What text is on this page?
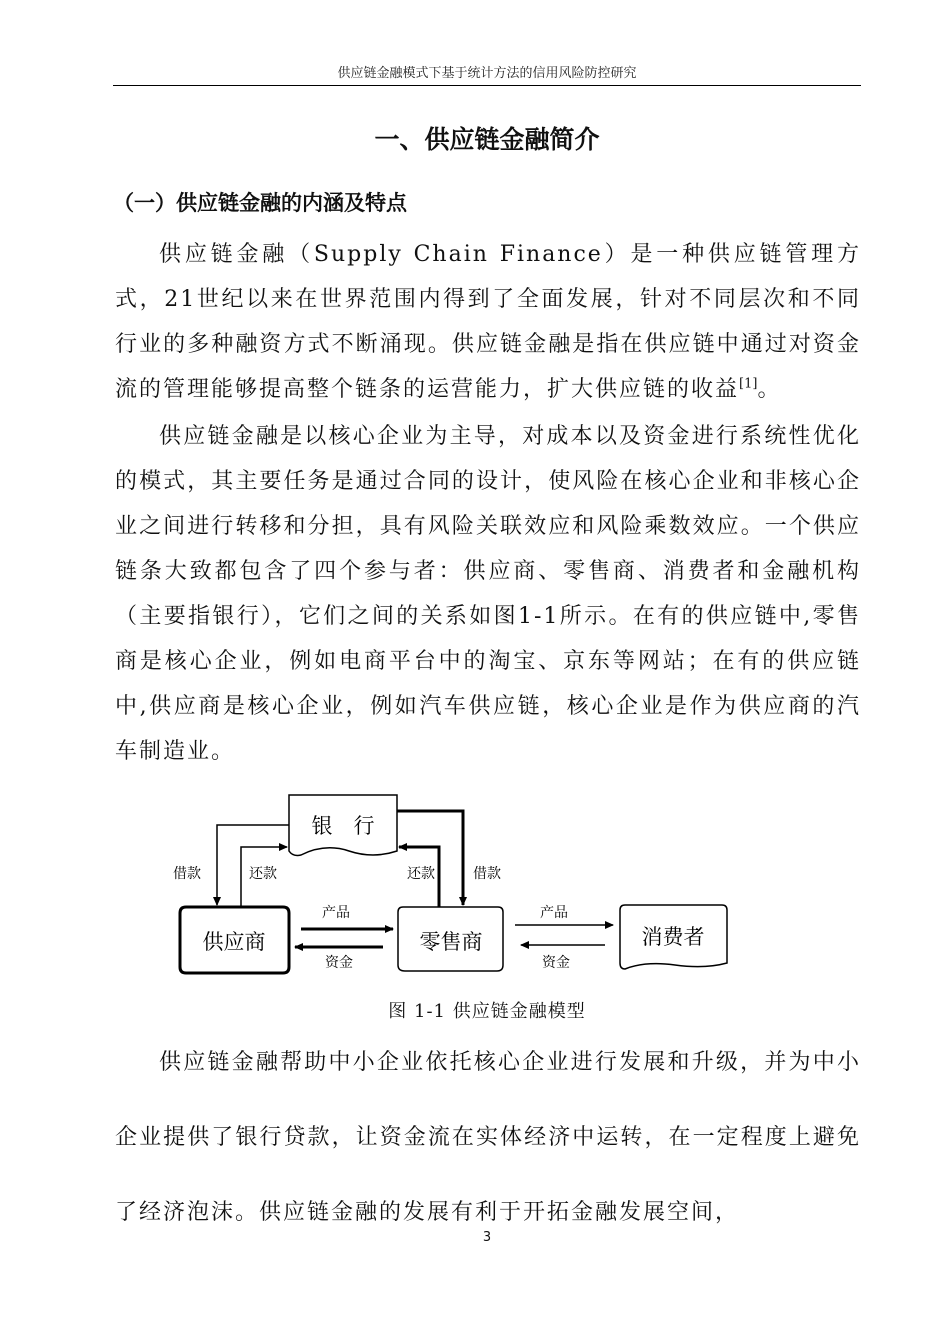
供应链金融模式下基于统计方法的信用风险防控研究
一、供应链金融简介
（一）供应链金融的内涵及特点
供应链金融（Supply Chain Finance）是一种供应链管理方式，21世纪以来在世界范围内得到了全面发展，针对不同层次和不同行业的多种融资方式不断涌现。供应链金融是指在供应链中通过对资金流的管理能够提高整个链条的运营能力，扩大供应链的收益[1]。
供应链金融是以核心企业为主导，对成本以及资金进行系统性优化的模式，其主要任务是通过合同的设计，使风险在核心企业和非核心企业之间进行转移和分担，具有风险关联效应和风险乘数效应。一个供应链条大致都包含了四个参与者：供应商、零售商、消费者和金融机构（主要指银行），它们之间的关系如图1-1所示。在有的供应链中,零售商是核心企业，例如电商平台中的淘宝、京东等网站；在有的供应链中,供应商是核心企业，例如汽车供应链，核心企业是作为供应商的汽车制造业。
银　行
供应商	零售商	消费者
借款	还款	还款	借款
产品
资金
产品
资金
图 1-1 供应链金融模型
供应链金融帮助中小企业依托核心企业进行发展和升级，并为中小企业提供了银行贷款，让资金流在实体经济中运转，在一定程度上避免了经济泡沫。供应链金融的发展有利于开拓金融发展空间，
3
